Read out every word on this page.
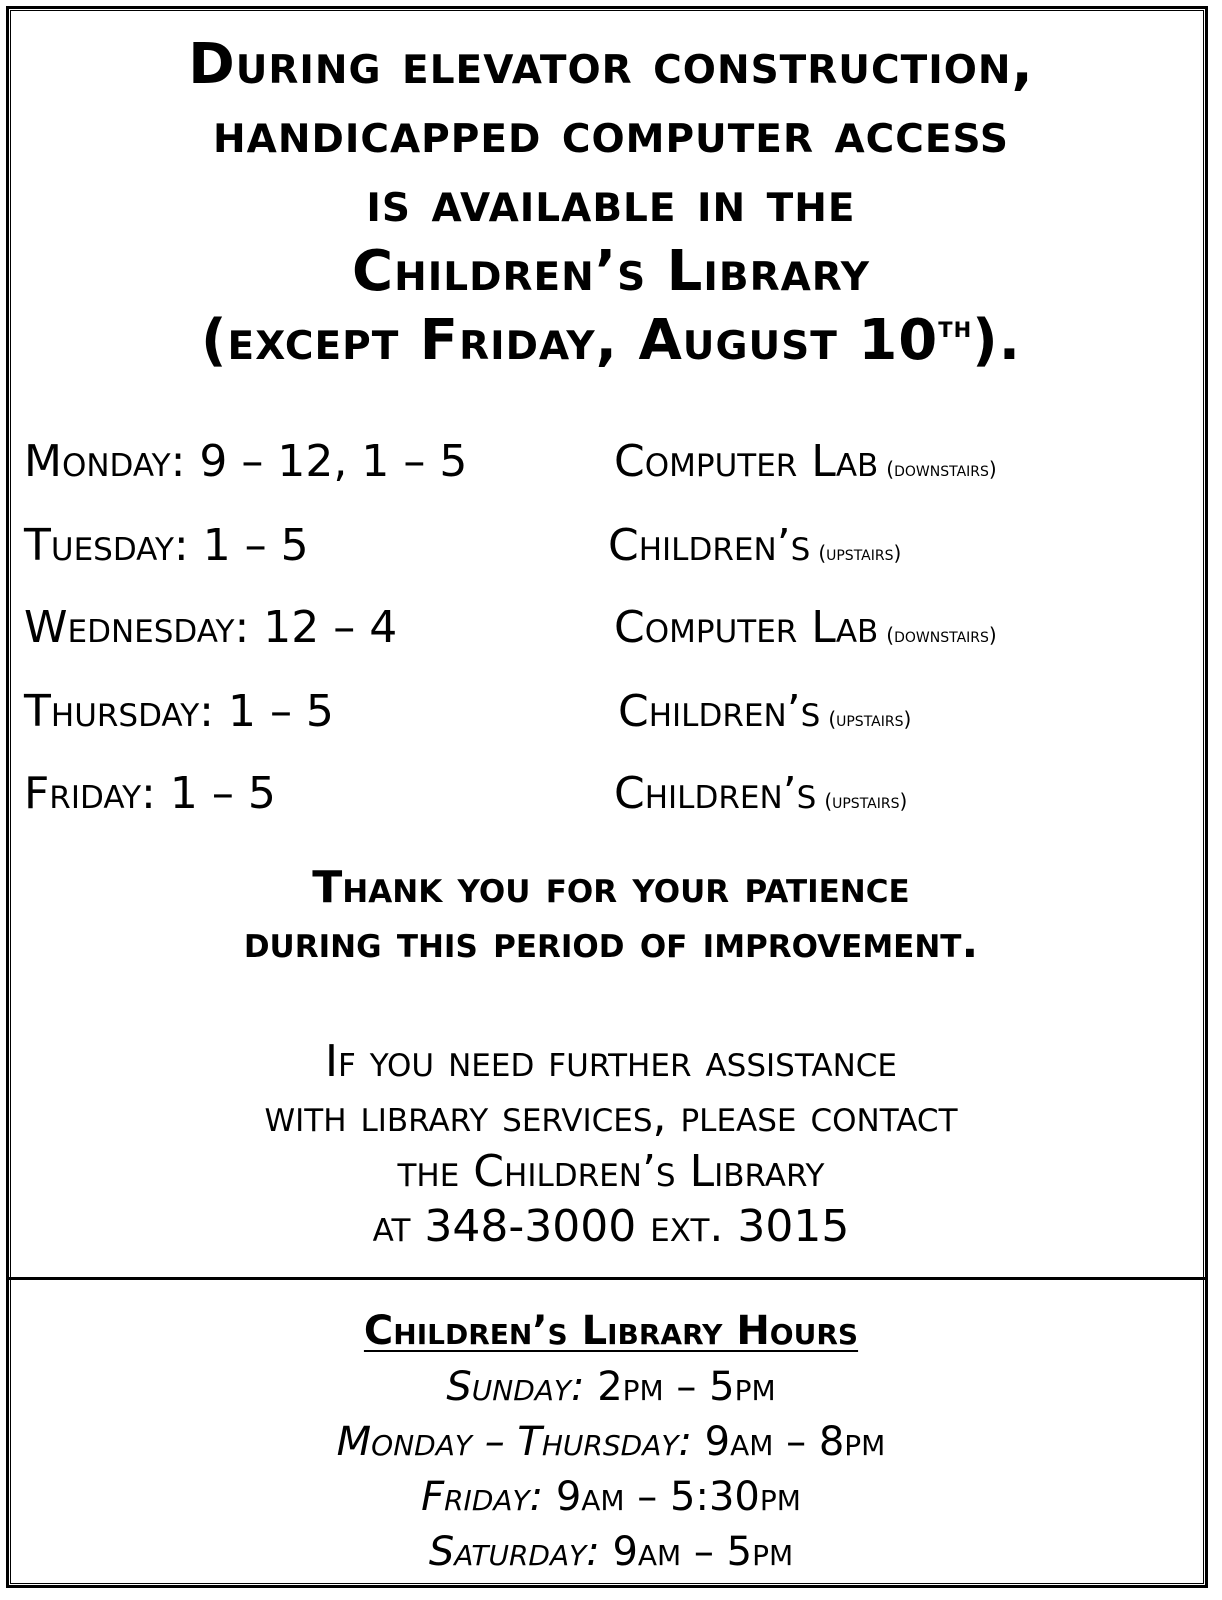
During elevator construction,
handicapped computer access
is available in the
Children’s Library
(except Friday, August 10th).
Monday: 9 – 12, 1 – 5	Computer Lab (downstairs)
Tuesday: 1 – 5	Children’s (upstairs)
Wednesday: 12 – 4	Computer Lab (downstairs)
Thursday: 1 – 5	Children’s (upstairs)
Friday: 1 – 5	Children’s (upstairs)
Thank you for your patience
during this period of improvement.
If you need further assistance
with library services, please contact
the Children’s Library
at 348-3000 ext. 3015
Children’s Library Hours
Sunday: 2pm – 5pm
Monday – Thursday: 9am – 8pm
Friday: 9am – 5:30pm
Saturday: 9am – 5pm
